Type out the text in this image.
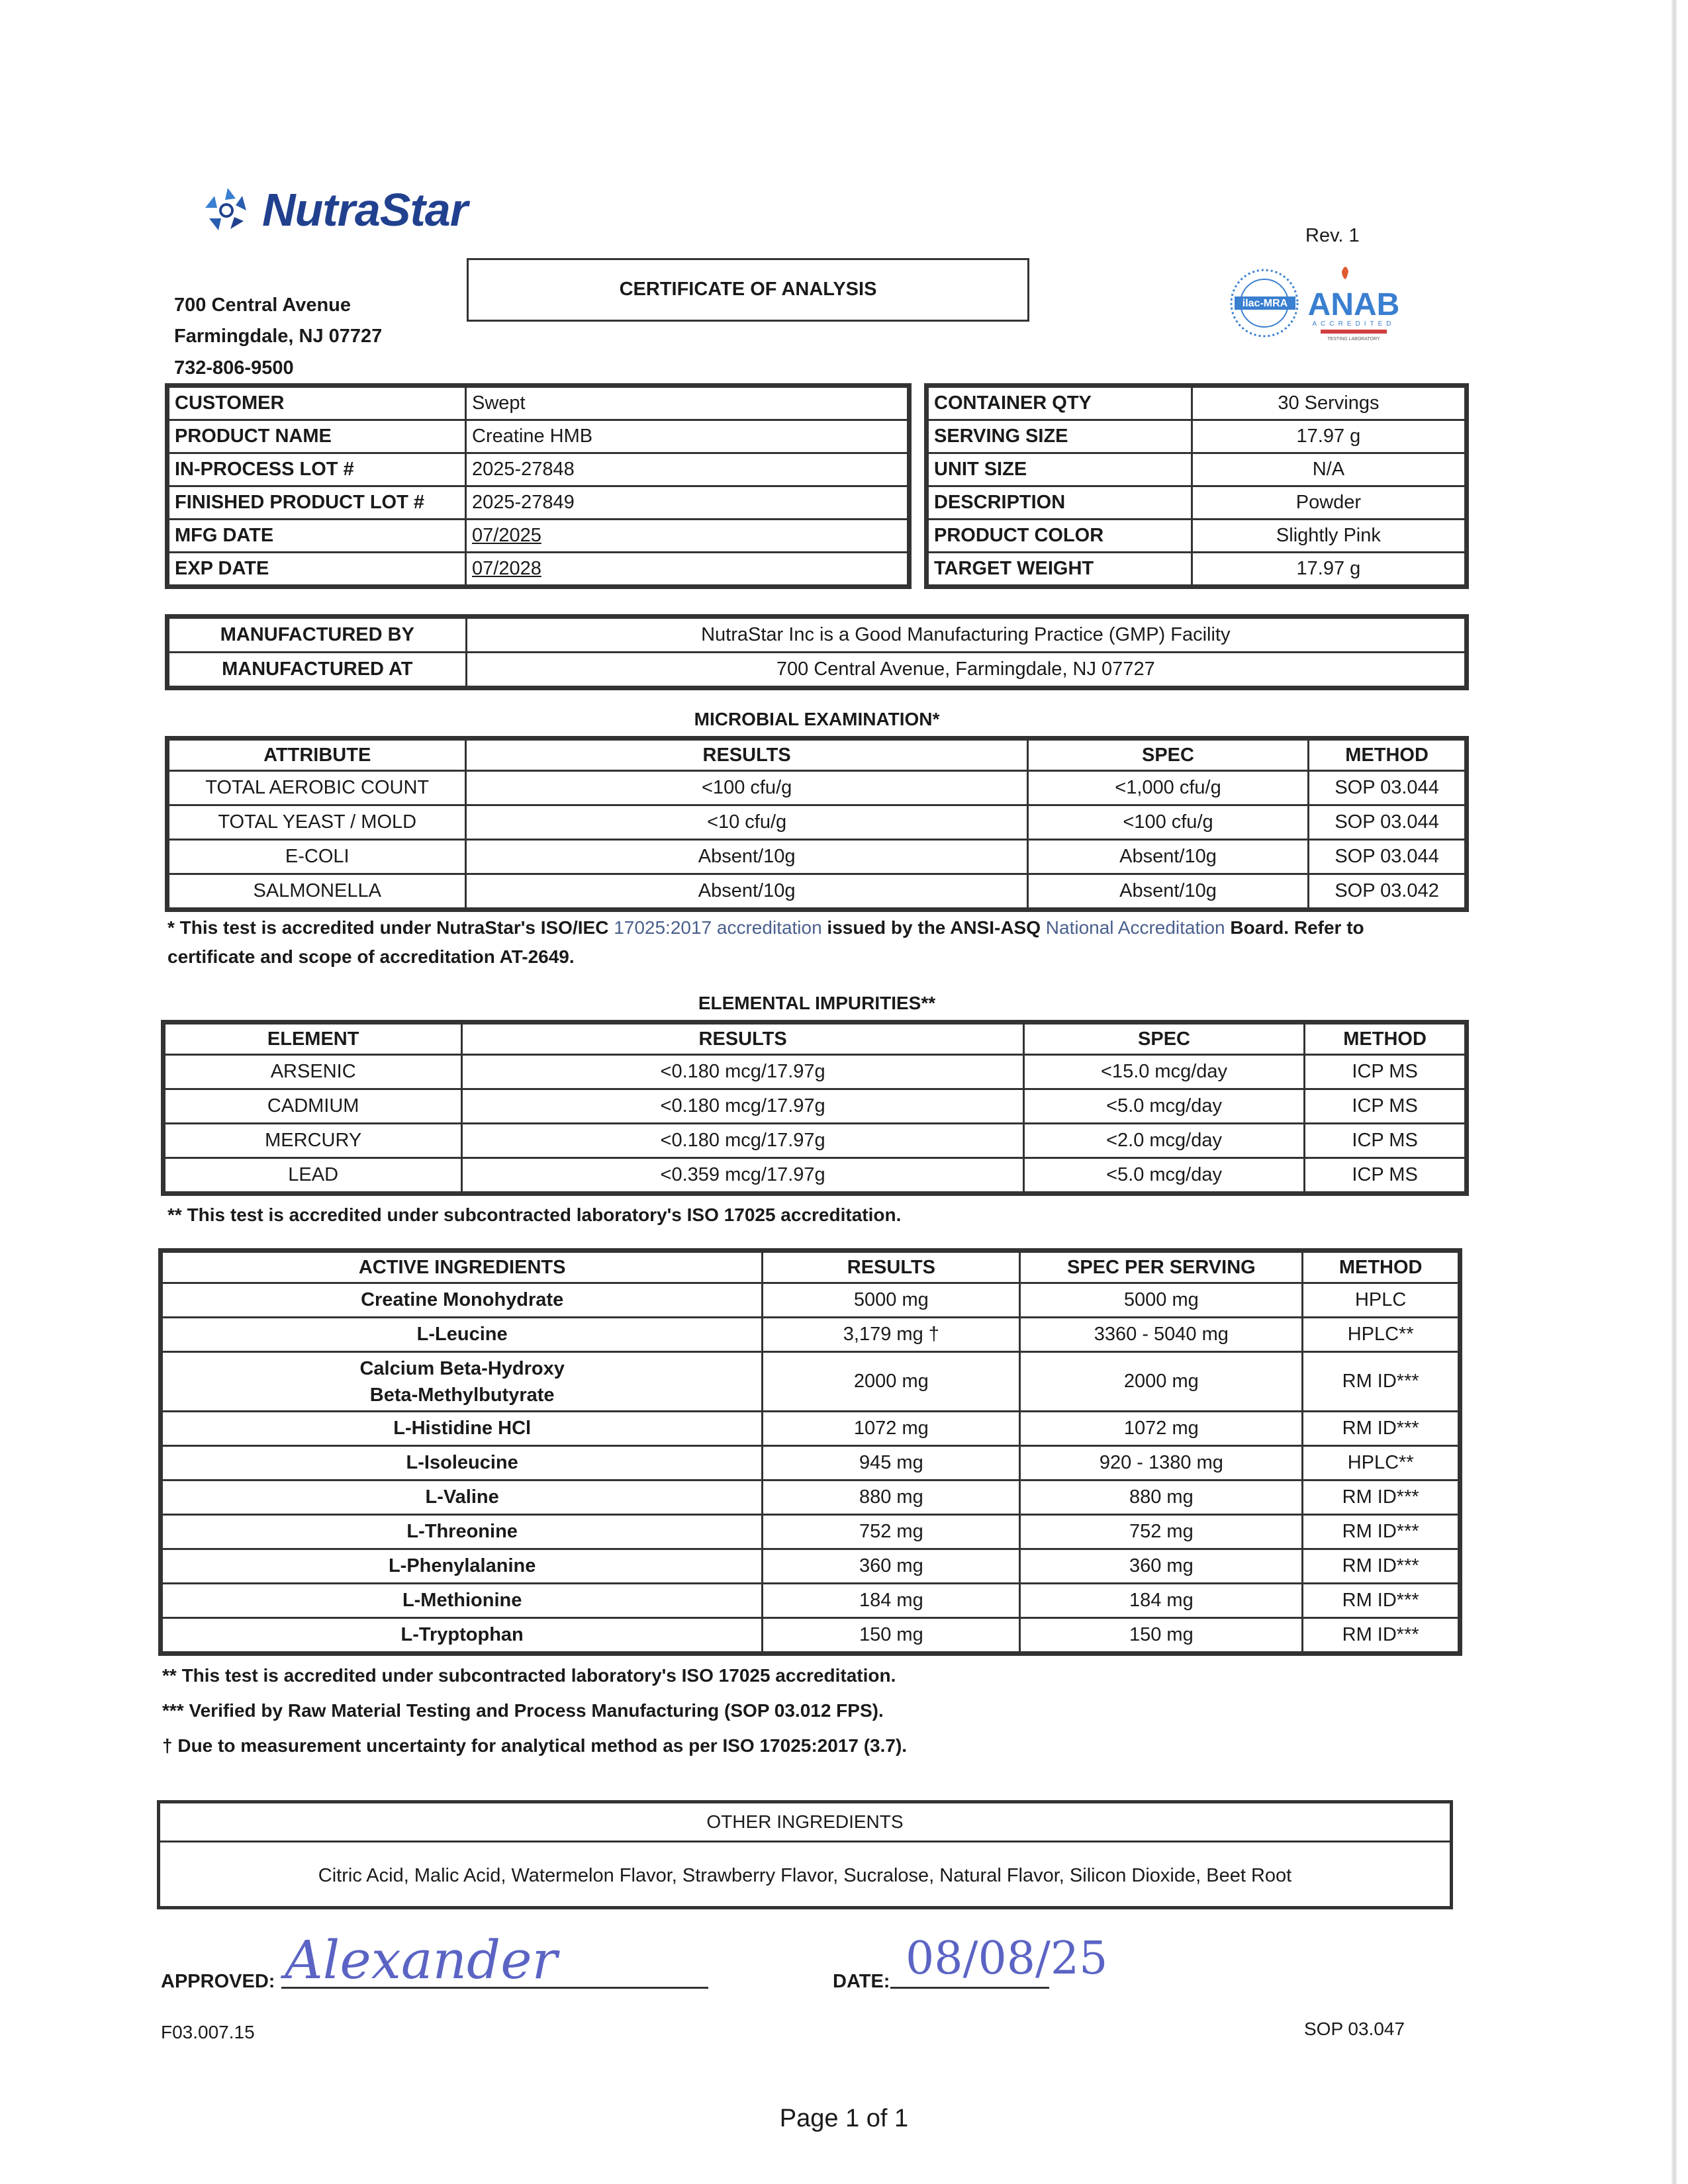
NutraStar
700 Central Avenue
Farmingdale, NJ 07727
732-806-9500
CERTIFICATE OF ANALYSIS
Rev. 1
ilac-MRA ANAB
ACCREDITED
TESTING LABORATORY
CUSTOMER	Swept
PRODUCT NAME	Creatine HMB
IN-PROCESS LOT #	2025-27848
FINISHED PRODUCT LOT #	2025-27849
MFG DATE	07/2025
EXP DATE	07/2028
CONTAINER QTY	30 Servings
SERVING SIZE	17.97 g
UNIT SIZE	N/A
DESCRIPTION	Powder
PRODUCT COLOR	Slightly Pink
TARGET WEIGHT	17.97 g
MANUFACTURED BY	NutraStar Inc is a Good Manufacturing Practice (GMP) Facility
MANUFACTURED AT	700 Central Avenue, Farmingdale, NJ 07727
MICROBIAL EXAMINATION*
ATTRIBUTE	RESULTS	SPEC	METHOD
TOTAL AEROBIC COUNT	<100 cfu/g	<1,000 cfu/g	SOP 03.044
TOTAL YEAST / MOLD	<10 cfu/g	<100 cfu/g	SOP 03.044
E-COLI	Absent/10g	Absent/10g	SOP 03.044
SALMONELLA	Absent/10g	Absent/10g	SOP 03.042
* This test is accredited under NutraStar's ISO/IEC 17025:2017 accreditation issued by the ANSI-ASQ National Accreditation Board. Refer to
certificate and scope of accreditation AT-2649.
ELEMENTAL IMPURITIES**
ELEMENT	RESULTS	SPEC	METHOD
ARSENIC	<0.180 mcg/17.97g	<15.0 mcg/day	ICP MS
CADMIUM	<0.180 mcg/17.97g	<5.0 mcg/day	ICP MS
MERCURY	<0.180 mcg/17.97g	<2.0 mcg/day	ICP MS
LEAD	<0.359 mcg/17.97g	<5.0 mcg/day	ICP MS
** This test is accredited under subcontracted laboratory's ISO 17025 accreditation.
ACTIVE INGREDIENTS	RESULTS	SPEC PER SERVING	METHOD
Creatine Monohydrate	5000 mg	5000 mg	HPLC
L-Leucine	3,179 mg †	3360 - 5040 mg	HPLC**
Calcium Beta-Hydroxy Beta-Methylbutyrate	2000 mg	2000 mg	RM ID***
L-Histidine HCl	1072 mg	1072 mg	RM ID***
L-Isoleucine	945 mg	920 - 1380 mg	HPLC**
L-Valine	880 mg	880 mg	RM ID***
L-Threonine	752 mg	752 mg	RM ID***
L-Phenylalanine	360 mg	360 mg	RM ID***
L-Methionine	184 mg	184 mg	RM ID***
L-Tryptophan	150 mg	150 mg	RM ID***
** This test is accredited under subcontracted laboratory's ISO 17025 accreditation.
*** Verified by Raw Material Testing and Process Manufacturing (SOP 03.012 FPS).
† Due to measurement uncertainty for analytical method as per ISO 17025:2017 (3.7).
OTHER INGREDIENTS
Citric Acid, Malic Acid, Watermelon Flavor, Strawberry Flavor, Sucralose, Natural Flavor, Silicon Dioxide, Beet Root
APPROVED: Alexander	DATE: 08/08/25
F03.007.15	SOP 03.047
Page 1 of 1
